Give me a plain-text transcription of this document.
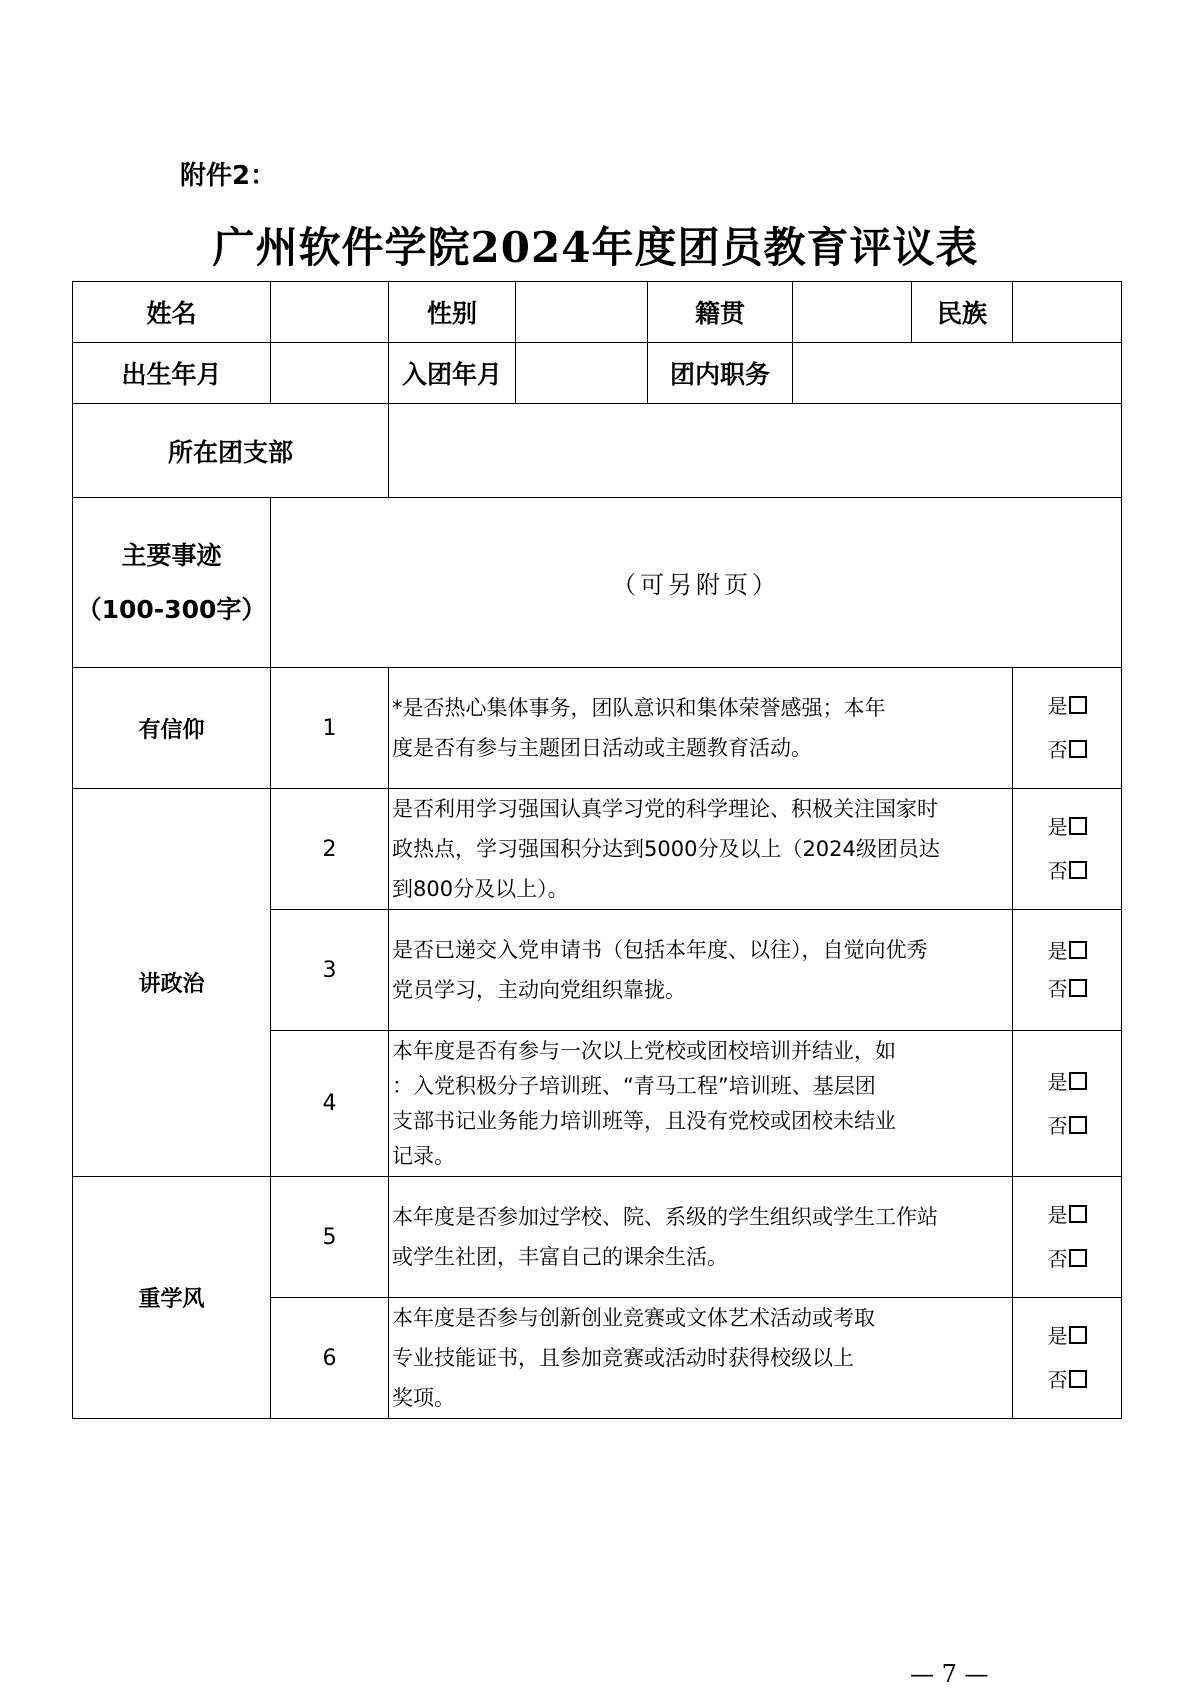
附件2：
广州软件学院2024年度团员教育评议表
姓名		性别		籍贯		民族	
出生年月		入团年月		团内职务			
所在团支部							

主要事迹
（100-300字）	（可另附页）						
有信仰	1	*是否热心集体事务，团队意识和集体荣誉感强；本年
度是否有参与主题团日活动或主题教育活动。					是
否

讲政治	2	是否利用学习强国认真学习党的科学理论、积极关注国家时
政热点，学习强国积分达到5000分及以上（2024级团员达
到800分及以上）。					是
否

	3	是否已递交入党申请书（包括本年度、以往），自觉向优秀
党员学习，主动向党组织靠拢。					是
否

	4	本年度是否有参与一次以上党校或团校培训并结业，如
：入党积极分子培训班、“青马工程”培训班、基层团
支部书记业务能力培训班等，且没有党校或团校未结业
记录。					是
否

重学风	5	本年度是否参加过学校、院、系级的学生组织或学生工作站
或学生社团，丰富自己的课余生活。					是
否

	6	本年度是否参与创新创业竞赛或文体艺术活动或考取
专业技能证书，且参加竞赛或活动时获得校级以上
奖项。					是
否
— 7 —
